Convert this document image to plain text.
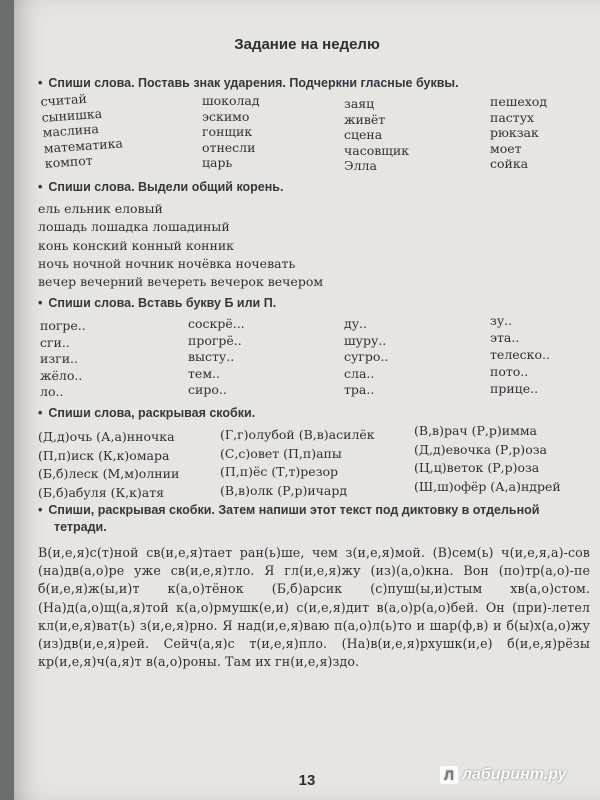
Задание на неделю
• Спиши слова. Поставь знак ударения. Подчеркни гласные буквы.
считай
сынишка
маслина
математика
компот
шоколад
эскимо
гонщик
отнесли
царь
заяц
живёт
сцена
часовщик
Элла
пешеход
пастух
рюкзак
моет
сойка
• Спиши слова. Выдели общий корень.
ель ельник еловый
лошадь лошадка лошадиный
конь конский конный конник
ночь ночной ночник ночёвка ночевать
вечер вечерний вечереть вечерок вечером
• Спиши слова. Вставь букву Б или П.
погре..
сги..
изги..
жёло..
ло..
соскрё...
прогрё..
высту..
тем..
сиро..
ду..
шуру..
сугро..
сла..
тра..
зу..
эта..
телеско..
пото..
прице..
• Спиши слова, раскрывая скобки.
(Д,д)очь (А,а)нночка
(П,п)иск (К,к)омара
(Б,б)леск (М,м)олнии
(Б,б)абуля (К,к)атя
(Г,г)олубой (В,в)асилёк
(С,с)овет (П,п)апы
(П,п)ёс (Т,т)резор
(В,в)олк (Р,р)ичард
(В,в)рач (Р,р)имма
(Д,д)евочка (Р,р)оза
(Ц,ц)веток (Р,р)оза
(Ш,ш)офёр (А,а)ндрей
• Спиши, раскрывая скобки. Затем напиши этот текст под диктовку в отдельной
тетради.
В(и,е,я)с(т)ной св(и,е,я)тает ран(ь)ше, чем з(и,е,я)мой. (В)сем(ь) ч(и,е,я,а)-сов (на)дв(а,о)ре уже св(и,е,я)тло. Я гл(и,е,я)жу (из)(а,о)кна. Вон (по)тр(а,о)-пе б(и,е,я)ж(ы,и)т к(а,о)тёнок (Б,б)арсик (с)пуш(ы,и)стым хв(а,о)стом. (На)д(а,о)щ(а,я)той к(а,о)рмушк(е,и) с(и,е,я)дит в(а,о)р(а,о)бей. Он (при)-летел кл(и,е,я)ват(ь) з(и,е,я)рно. Я над(и,е,я)ваю п(а,о)л(ь)то и шар(ф,в) и б(ы)х(а,о)жу (из)дв(и,е,я)рей. Сейч(а,я)с т(и,е,я)пло. (На)в(и,е,я)рхушк(и,е) б(и,е,я)рёзы кр(и,е,я)ч(а,я)т в(а,о)роны. Там их гн(и,е,я)здо.
13	Л лабиринт.ру
